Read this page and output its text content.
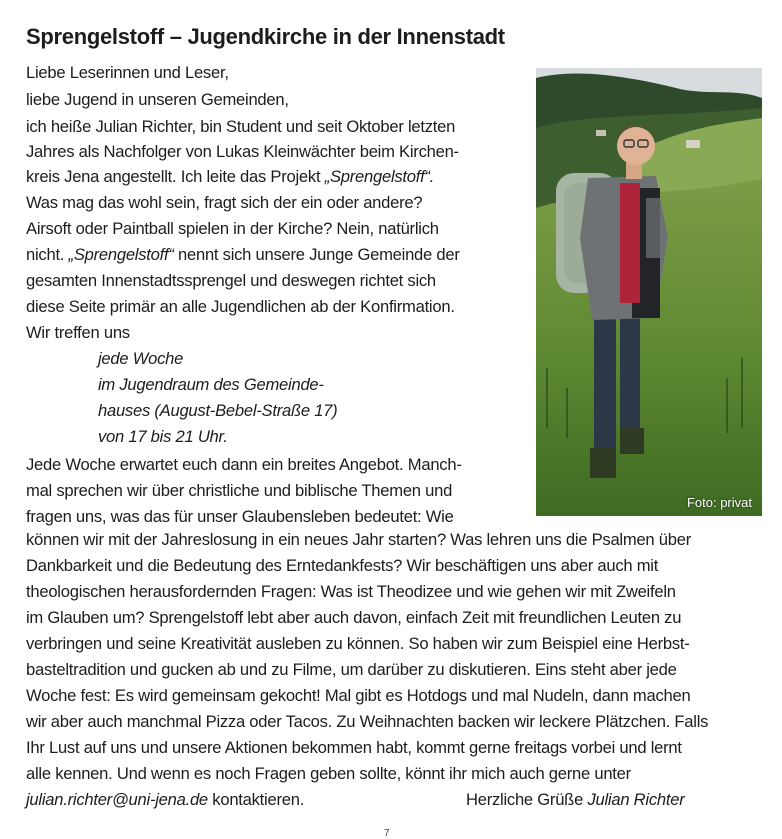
Sprengelstoff – Jugendkirche in der Innenstadt
Foto: privat
Liebe Leserinnen und Leser,
liebe Jugend in unseren Gemeinden,
ich heiße Julian Richter, bin Student und seit Oktober letzten
Jahres als Nachfolger von Lukas Kleinwächter beim Kirchen-
kreis Jena angestellt. Ich leite das Projekt „Sprengelstoff“.
Was mag das wohl sein, fragt sich der ein oder andere?
Airsoft oder Paintball spielen in der Kirche? Nein, natürlich
nicht. „Sprengelstoff“ nennt sich unsere Junge Gemeinde der
gesamten Innenstadtssprengel und deswegen richtet sich
diese Seite primär an alle Jugendlichen ab der Konfirmation.
Wir treffen uns
jede Woche
im Jugendraum des Gemeinde-
hauses (August-Bebel-Straße 17)
von 17 bis 21 Uhr.
Jede Woche erwartet euch dann ein breites Angebot. Manch-
mal sprechen wir über christliche und biblische Themen und
fragen uns, was das für unser Glaubensleben bedeutet: Wie
können wir mit der Jahreslosung in ein neues Jahr starten? Was lehren uns die Psalmen über
Dankbarkeit und die Bedeutung des Erntedankfests? Wir beschäftigen uns aber auch mit
theologischen herausfordernden Fragen: Was ist Theodizee und wie gehen wir mit Zweifeln
im Glauben um? Sprengelstoff lebt aber auch davon, einfach Zeit mit freundlichen Leuten zu
verbringen und seine Kreativität ausleben zu können. So haben wir zum Beispiel eine Herbst-
basteltradition und gucken ab und zu Filme, um darüber zu diskutieren. Eins steht aber jede
Woche fest: Es wird gemeinsam gekocht! Mal gibt es Hotdogs und mal Nudeln, dann machen
wir aber auch manchmal Pizza oder Tacos. Zu Weihnachten backen wir leckere Plätzchen. Falls
Ihr Lust auf uns und unsere Aktionen bekommen habt, kommt gerne freitags vorbei und lernt
alle kennen. Und wenn es noch Fragen geben sollte, könnt ihr mich auch gerne unter
julian.richter@uni-jena.de kontaktieren.	Herzliche Grüße Julian Richter
7
